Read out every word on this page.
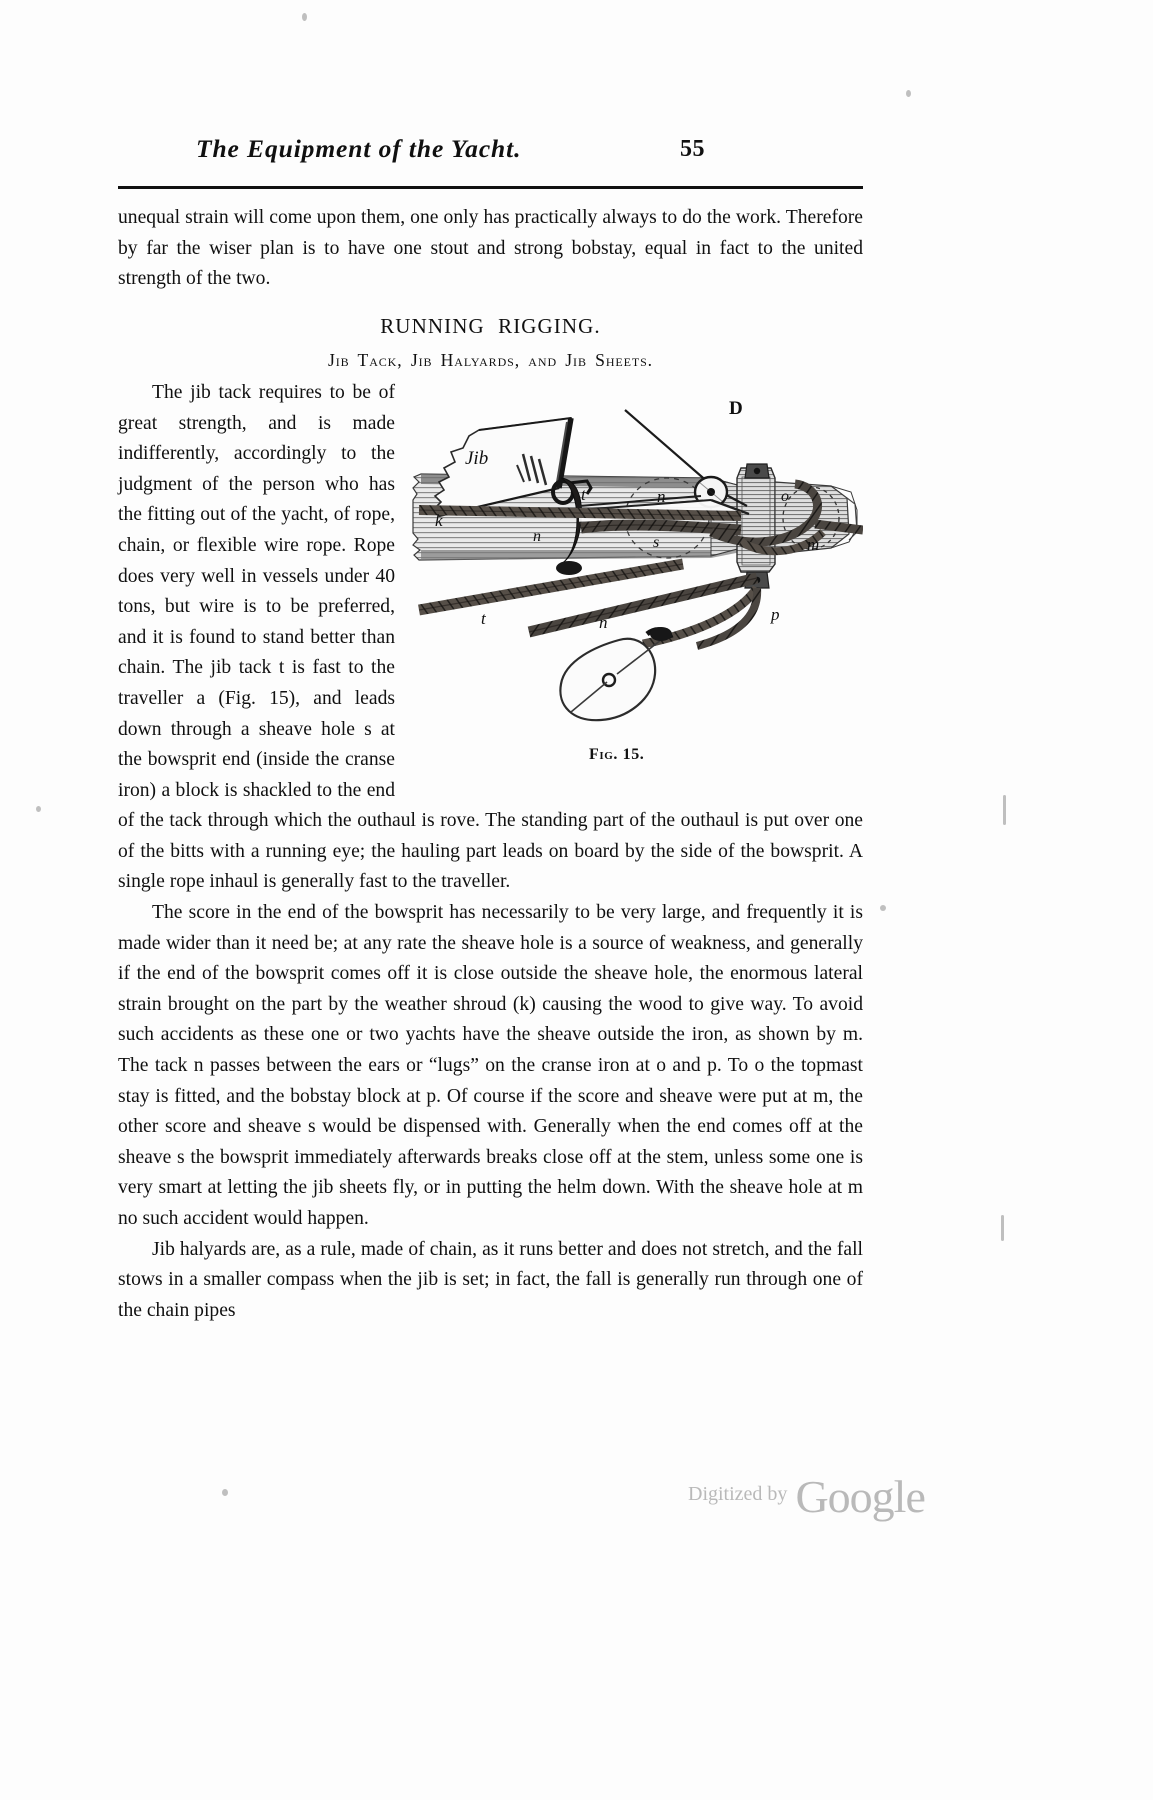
The Equipment of the Yacht.	55

unequal strain will come upon them, one only has practically always to do the work. Therefore by far the wiser plan is to have one stout and strong bobstay, equal in fact to the united strength of the two.

RUNNING RIGGING.
Jib Tack, Jib Halyards, and Jib Sheets.
Jib
D
t	n	o
k
n	s	m
p
t	n
Fig. 15.

The jib tack requires to be of great strength, and is made indifferently, accordingly to the judgment of the person who has the fitting out of the yacht, of rope, chain, or flexible wire rope. Rope does very well in vessels under 40 tons, but wire is to be preferred, and it is found to stand better than chain. The jib tack t is fast to the traveller a (Fig. 15), and leads down through a sheave hole s at the bowsprit end (inside the cranse iron) a block is shackled to the end of the tack through which the outhaul is rove. The standing part of the outhaul is put over one of the bitts with a running eye; the hauling part leads on board by the side of the bowsprit. A single rope inhaul is generally fast to the traveller.

The score in the end of the bowsprit has necessarily to be very large, and frequently it is made wider than it need be; at any rate the sheave hole is a source of weakness, and generally if the end of the bowsprit comes off it is close outside the sheave hole, the enormous lateral strain brought on the part by the weather shroud (k) causing the wood to give way. To avoid such accidents as these one or two yachts have the sheave outside the iron, as shown by m. The tack n passes between the ears or “lugs” on the cranse iron at o and p. To o the topmast stay is fitted, and the bobstay block at p. Of course if the score and sheave were put at m, the other score and sheave s would be dispensed with. Generally when the end comes off at the sheave s the bowsprit immediately afterwards breaks close off at the stem, unless some one is very smart at letting the jib sheets fly, or in putting the helm down. With the sheave hole at m no such accident would happen.

Jib halyards are, as a rule, made of chain, as it runs better and does not stretch, and the fall stows in a smaller compass when the jib is set; in fact, the fall is generally run through one of the chain pipes

Digitized by Google
